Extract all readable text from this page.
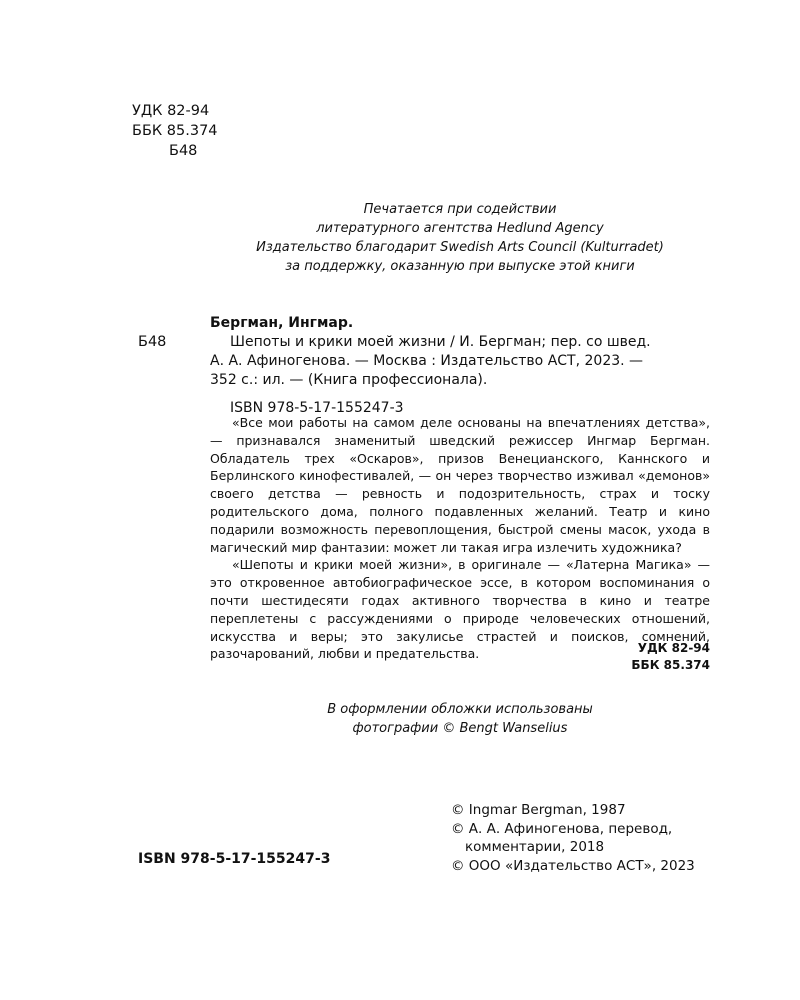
УДК 82-94
ББК 85.374
Б48

Печатается при содействии

литературного агентства Hedlund Agency

Издательство благодарит Swedish Arts Council (Kulturradet)

за поддержку, оказанную при выпуске этой книги

Б48
Бергман, Ингмар.
Шепоты и крики моей жизни / И. Бергман; пер. со швед.
А. А. Афиногенова. — Москва : Издательство АСТ, 2023. —
352 с.: ил. — (Книга профессионала).
ISBN 978-5-17-155247-3

«Все мои работы на самом деле основаны на впечатлениях детства», — признавался знаменитый шведский режиссер Ингмар Бергман. Обладатель трех «Оскаров», призов Венецианского, Каннского и Берлинского кинофестивалей, — он через творчество изживал «демонов» своего детства — ревность и подозрительность, страх и тоску родительского дома, полного подавленных желаний. Театр и кино подарили возможность перевоплощения, быстрой смены масок, ухода в магический мир фантазии: может ли такая игра излечить художника?

«Шепоты и крики моей жизни», в оригинале — «Латерна Магика» — это откровенное автобиографическое эссе, в котором воспоминания о почти шестидесяти годах активного творчества в кино и театре переплетены с рассуждениями о природе человеческих отношений, искусства и веры; это закулисье страстей и поисков, сомнений, разочарований, любви и предательства.	УДК 82-94
ББК 85.374

В оформлении обложки использованы

фотографии © Bengt Wanselius

© Ingmar Bergman, 1987
© А. А. Афиногенова, перевод,
комментарии, 2018
© ООО «Издательство АСТ», 2023
ISBN 978-5-17-155247-3
